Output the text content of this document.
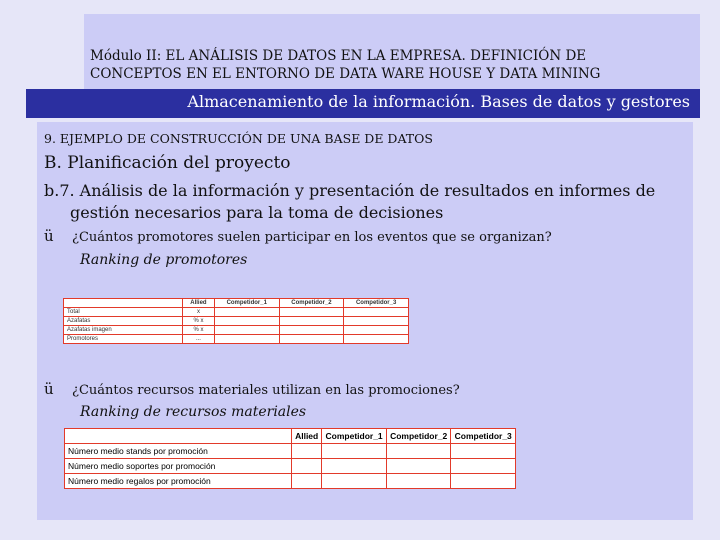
Módulo II: EL ANÁLISIS DE DATOS EN LA EMPRESA. DEFINICIÓN DE
CONCEPTOS EN EL ENTORNO DE DATA WARE HOUSE Y DATA MINING
Almacenamiento de la información. Bases de datos y gestores
9. EJEMPLO DE CONSTRUCCIÓN DE UNA BASE DE DATOS
B. Planificación del proyecto
b.7. Análisis de la información y presentación de resultados en informes de
gestión necesarios para la toma de decisiones
ü ¿Cuántos promotores suelen participar en los eventos que se organizan?
Ranking de promotores
	Allied	Competidor_1	Competidor_2	Competidor_3
Total	x			
Azafatas	% x			
Azafatas imagen	% x			
Promotores	...			
ü ¿Cuántos recursos materiales utilizan en las promociones?
Ranking de recursos materiales
	Allied	Competidor_1	Competidor_2	Competidor_3
Número medio stands por promoción				
Número medio soportes por promoción				
Número medio regalos por promoción				
